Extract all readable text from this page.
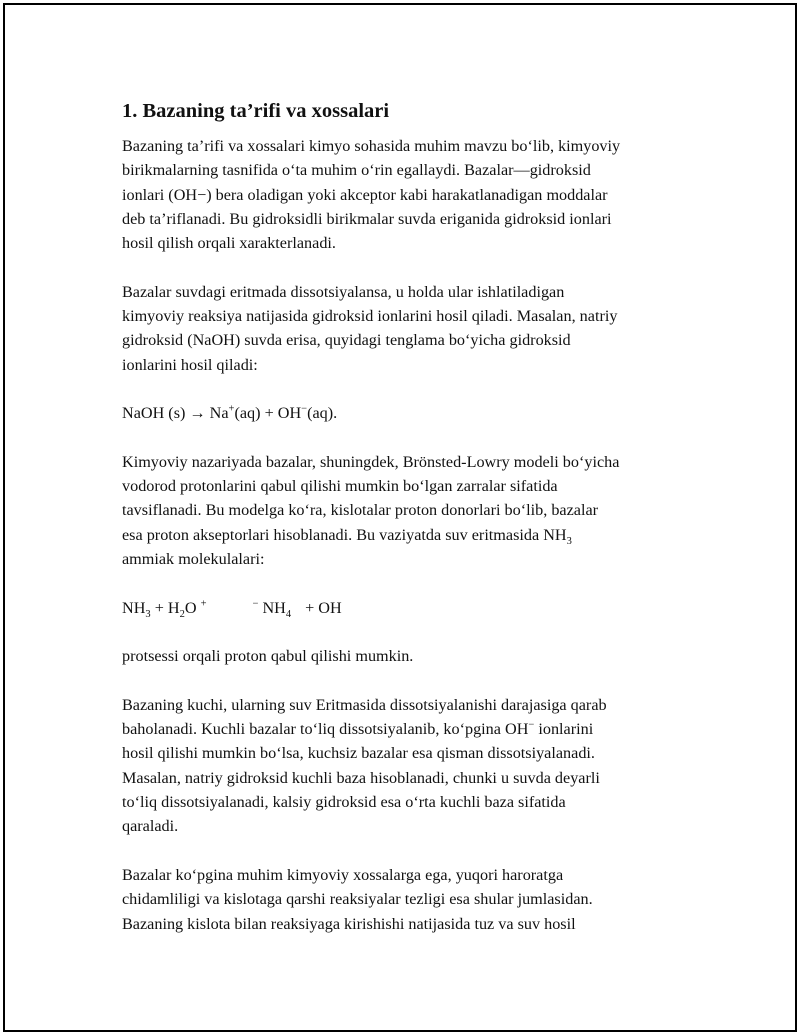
1. Bazaning ta’rifi va xossalari

Bazaning ta’rifi va xossalari kimyo sohasida muhim mavzu bo‘lib, kimyoviy
birikmalarning tasnifida o‘ta muhim o‘rin egallaydi. Bazalar—gidroksid
ionlari (OH−) bera oladigan yoki akceptor kabi harakatlanadigan moddalar
deb ta’riflanadi. Bu gidroksidli birikmalar suvda eriganida gidroksid ionlari
hosil qilish orqali xarakterlanadi.

Bazalar suvdagi eritmada dissotsiyalansa, u holda ular ishlatiladigan
kimyoviy reaksiya natijasida gidroksid ionlarini hosil qiladi. Masalan, natriy
gidroksid (NaOH) suvda erisa, quyidagi tenglama bo‘yicha gidroksid
ionlarini hosil qiladi:

NaOH (s) → Na+(aq) + OH−(aq).

Kimyoviy nazariyada bazalar, shuningdek, Brönsted-Lowry modeli bo‘yicha
vodorod protonlarini qabul qilishi mumkin bo‘lgan zarralar sifatida
tavsiflanadi. Bu modelga ko‘ra, kislotalar proton donorlari bo‘lib, bazalar
esa proton akseptorlari hisoblanadi. Bu vaziyatda suv eritmasida $NH_3$
ammiak molekulalari:

$NH_3 + H_2O$ +	− $NH_4$ + OH

protsessi orqali proton qabul qilishi mumkin.

Bazaning kuchi, ularning suv Eritmasida dissotsiyalanishi darajasiga qarab
baholanadi. Kuchli bazalar to‘liq dissotsiyalanib, ko‘pgina OH− ionlarini
hosil qilishi mumkin bo‘lsa, kuchsiz bazalar esa qisman dissotsiyalanadi.
Masalan, natriy gidroksid kuchli baza hisoblanadi, chunki u suvda deyarli
to‘liq dissotsiyalanadi, kalsiy gidroksid esa o‘rta kuchli baza sifatida
qaraladi.

Bazalar ko‘pgina muhim kimyoviy xossalarga ega, yuqori haroratga
chidamliligi va kislotaga qarshi reaksiyalar tezligi esa shular jumlasidan.
Bazaning kislota bilan reaksiyaga kirishishi natijasida tuz va suv hosil
